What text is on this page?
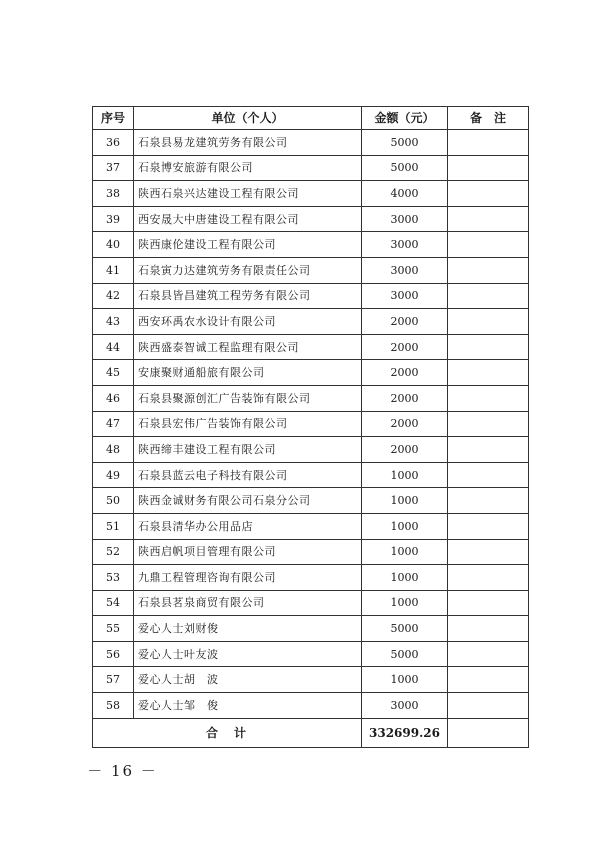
序号	单位（个人）	金额（元）	备　注
36	石泉县易龙建筑劳务有限公司	5000	
37	石泉博安旅游有限公司	5000	
38	陕西石泉兴达建设工程有限公司	4000	
39	西安晟大中唐建设工程有限公司	3000	
40	陕西康伦建设工程有限公司	3000	
41	石泉寅力达建筑劳务有限责任公司	3000	
42	石泉县皆昌建筑工程劳务有限公司	3000	
43	西安环禹农水设计有限公司	2000	
44	陕西盛泰智诚工程监理有限公司	2000	
45	安康聚财通船旅有限公司	2000	
46	石泉县聚源创汇广告装饰有限公司	2000	
47	石泉县宏伟广告装饰有限公司	2000	
48	陕西缔丰建设工程有限公司	2000	
49	石泉县蓝云电子科技有限公司	1000	
50	陕西金诚财务有限公司石泉分公司	1000	
51	石泉县清华办公用品店	1000	
52	陕西启帆项目管理有限公司	1000	
53	九鼎工程管理咨询有限公司	1000	
54	石泉县茗泉商贸有限公司	1000	
55	爱心人士刘财俊	5000	
56	爱心人士叶友波	5000	
57	爱心人士胡　波	1000	
58	爱心人士邹　俊	3000	
合　计		332699.26	
－ 16 －
